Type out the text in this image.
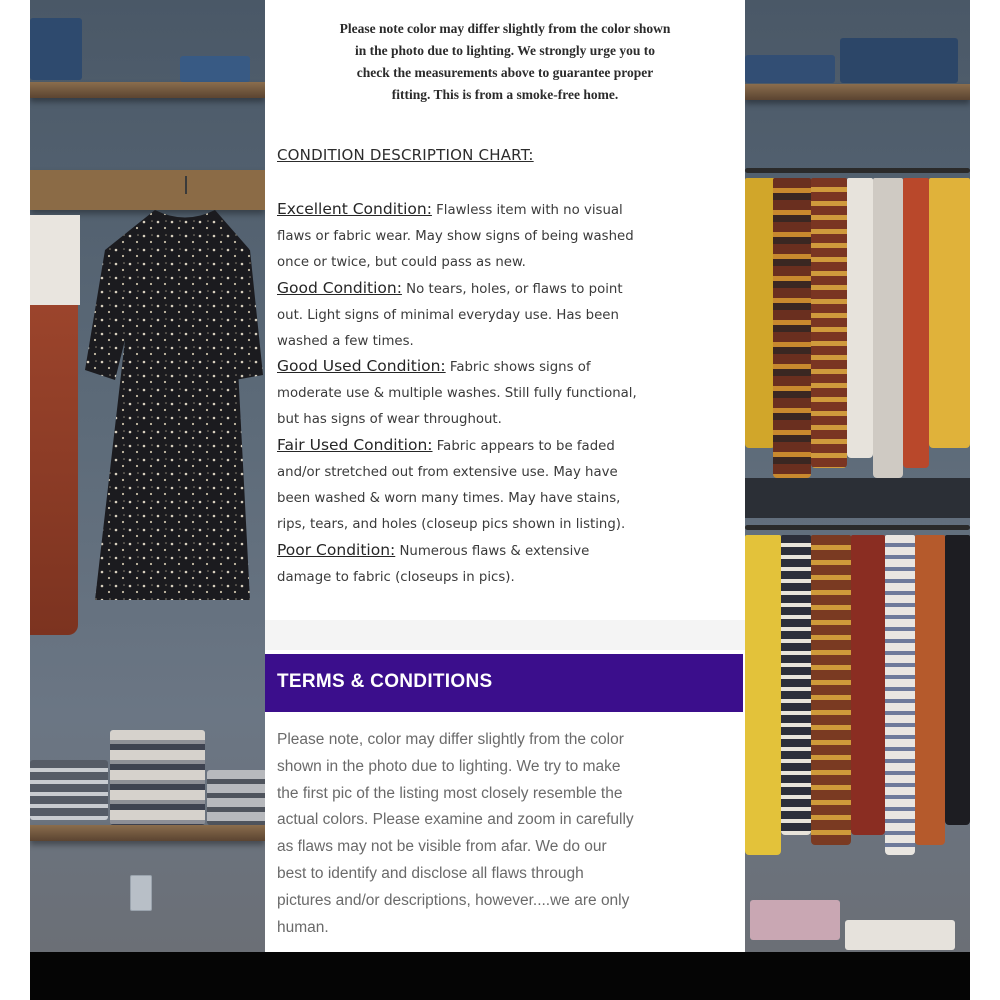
Please note color may differ slightly from the color shown
in the photo due to lighting. We strongly urge you to
check the measurements above to guarantee proper
fitting. This is from a smoke-free home.
CONDITION DESCRIPTION CHART:
Excellent Condition: Flawless item with no visual
flaws or fabric wear. May show signs of being washed
once or twice, but could pass as new.
Good Condition: No tears, holes, or flaws to point
out. Light signs of minimal everyday use. Has been
washed a few times.
Good Used Condition: Fabric shows signs of
moderate use & multiple washes. Still fully functional,
but has signs of wear throughout.
Fair Used Condition: Fabric appears to be faded
and/or stretched out from extensive use. May have
been washed & worn many times. May have stains,
rips, tears, and holes (closeup pics shown in listing).
Poor Condition: Numerous flaws & extensive
damage to fabric (closeups in pics).
TERMS & CONDITIONS
Please note, color may differ slightly from the color
shown in the photo due to lighting. We try to make
the first pic of the listing most closely resemble the
actual colors. Please examine and zoom in carefully
as flaws may not be visible from afar. We do our
best to identify and disclose all flaws through
pictures and/or descriptions, however....we are only
human.
